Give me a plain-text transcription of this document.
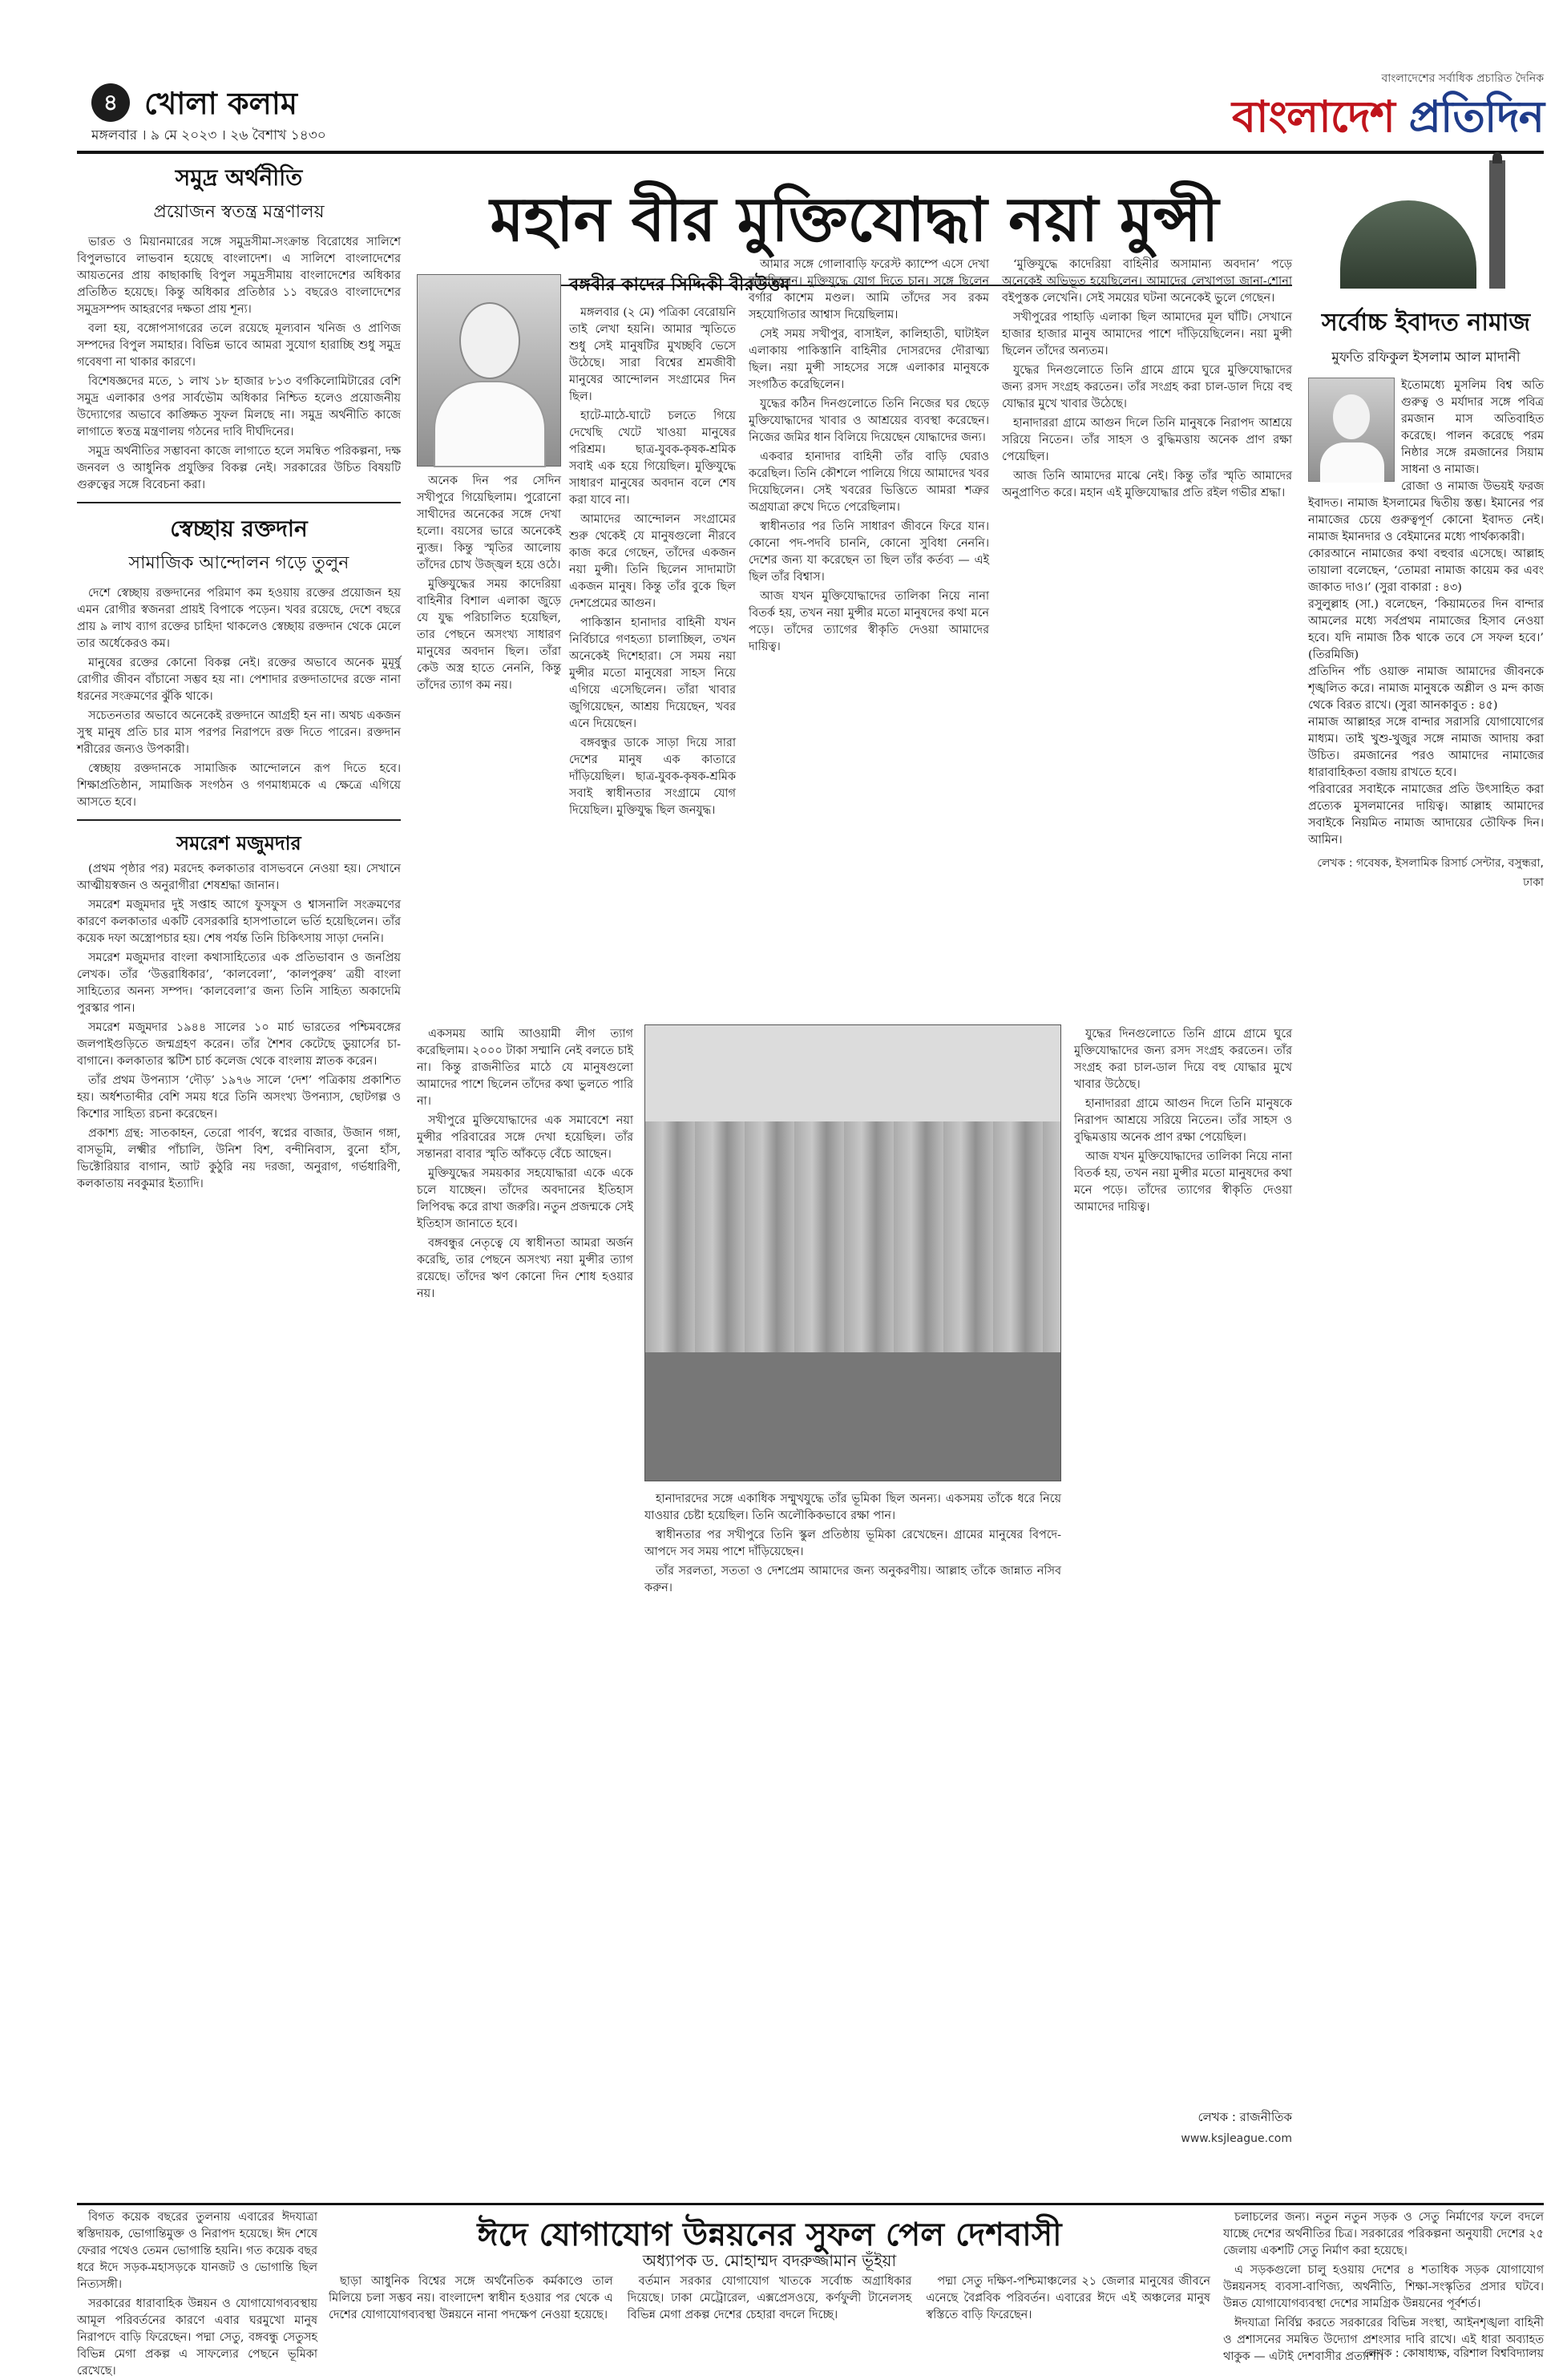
৪ খোলা কলাম
মঙ্গলবার । ৯ মে ২০২৩ । ২৬ বৈশাখ ১৪৩০
বাংলাদেশের সর্বাধিক প্রচারিত দৈনিক
বাংলাদেশ প্রতিদিন
সমুদ্র অর্থনীতি
প্রয়োজন স্বতন্ত্র মন্ত্রণালয়

ভারত ও মিয়ানমারের সঙ্গে সমুদ্রসীমা-সংক্রান্ত বিরোধের সালিশে বিপুলভাবে লাভবান হয়েছে বাংলাদেশ। এ সালিশে বাংলাদেশের আয়তনের প্রায় কাছাকাছি বিপুল সমুদ্রসীমায় বাংলাদেশের অধিকার প্রতিষ্ঠিত হয়েছে। কিন্তু অধিকার প্রতিষ্ঠার ১১ বছরেও বাংলাদেশের সমুদ্রসম্পদ আহরণের দক্ষতা প্রায় শূন্য।

বলা হয়, বঙ্গোপসাগরের তলে রয়েছে মূল্যবান খনিজ ও প্রাণিজ সম্পদের বিপুল সমাহার। বিভিন্ন ভাবে আমরা সুযোগ হারাচ্ছি শুধু সমুদ্র গবেষণা না থাকার কারণে।

বিশেষজ্ঞদের মতে, ১ লাখ ১৮ হাজার ৮১৩ বর্গকিলোমিটারের বেশি সমুদ্র এলাকার ওপর সার্বভৌম অধিকার নিশ্চিত হলেও প্রয়োজনীয় উদ্যোগের অভাবে কাঙ্ক্ষিত সুফল মিলছে না। সমুদ্র অর্থনীতি কাজে লাগাতে স্বতন্ত্র মন্ত্রণালয় গঠনের দাবি দীর্ঘদিনের।

সমুদ্র অর্থনীতির সম্ভাবনা কাজে লাগাতে হলে সমন্বিত পরিকল্পনা, দক্ষ জনবল ও আধুনিক প্রযুক্তির বিকল্প নেই। সরকারের উচিত বিষয়টি গুরুত্বের সঙ্গে বিবেচনা করা।

স্বেচ্ছায় রক্তদান
সামাজিক আন্দোলন গড়ে তুলুন

দেশে স্বেচ্ছায় রক্তদানের পরিমাণ কম হওয়ায় রক্তের প্রয়োজন হয় এমন রোগীর স্বজনরা প্রায়ই বিপাকে পড়েন। খবর রয়েছে, দেশে বছরে প্রায় ৯ লাখ ব্যাগ রক্তের চাহিদা থাকলেও স্বেচ্ছায় রক্তদান থেকে মেলে তার অর্ধেকেরও কম।

মানুষের রক্তের কোনো বিকল্প নেই। রক্তের অভাবে অনেক মুমূর্ষু রোগীর জীবন বাঁচানো সম্ভব হয় না। পেশাদার রক্তদাতাদের রক্তে নানা ধরনের সংক্রমণের ঝুঁকি থাকে।

সচেতনতার অভাবে অনেকেই রক্তদানে আগ্রহী হন না। অথচ একজন সুস্থ মানুষ প্রতি চার মাস পরপর নিরাপদে রক্ত দিতে পারেন। রক্তদান শরীরের জন্যও উপকারী।

স্বেচ্ছায় রক্তদানকে সামাজিক আন্দোলনে রূপ দিতে হবে। শিক্ষাপ্রতিষ্ঠান, সামাজিক সংগঠন ও গণমাধ্যমকে এ ক্ষেত্রে এগিয়ে আসতে হবে।

সমরেশ মজুমদার

(প্রথম পৃষ্ঠার পর) মরদেহ কলকাতার বাসভবনে নেওয়া হয়। সেখানে আত্মীয়স্বজন ও অনুরাগীরা শেষশ্রদ্ধা জানান।

সমরেশ মজুমদার দুই সপ্তাহ আগে ফুসফুস ও শ্বাসনালি সংক্রমণের কারণে কলকাতার একটি বেসরকারি হাসপাতালে ভর্তি হয়েছিলেন। তাঁর কয়েক দফা অস্ত্রোপচার হয়। শেষ পর্যন্ত তিনি চিকিৎসায় সাড়া দেননি।

সমরেশ মজুমদার বাংলা কথাসাহিত্যের এক প্রতিভাবান ও জনপ্রিয় লেখক। তাঁর ‘উত্তরাধিকার’, ‘কালবেলা’, ‘কালপুরুষ’ ত্রয়ী বাংলা সাহিত্যের অনন্য সম্পদ। ‘কালবেলা’র জন্য তিনি সাহিত্য অকাদেমি পুরস্কার পান।

সমরেশ মজুমদার ১৯৪৪ সালের ১০ মার্চ ভারতের পশ্চিমবঙ্গের জলপাইগুড়িতে জন্মগ্রহণ করেন। তাঁর শৈশব কেটেছে ডুয়ার্সের চা-বাগানে। কলকাতার স্কটিশ চার্চ কলেজ থেকে বাংলায় স্নাতক করেন।

তাঁর প্রথম উপন্যাস ‘দৌড়’ ১৯৭৬ সালে ‘দেশ’ পত্রিকায় প্রকাশিত হয়। অর্ধশতাব্দীর বেশি সময় ধরে তিনি অসংখ্য উপন্যাস, ছোটগল্প ও কিশোর সাহিত্য রচনা করেছেন।

প্রকাশ্য গ্রন্থ: সাতকাহন, তেরো পার্বণ, স্বপ্নের বাজার, উজান গঙ্গা, বাসভূমি, লক্ষ্মীর পাঁচালি, উনিশ বিশ, বন্দীনিবাস, বুনো হাঁস, ভিক্টোরিয়ার বাগান, আট কুঠুরি নয় দরজা, অনুরাগ, গর্ভধারিণী, কলকাতায় নবকুমার ইত্যাদি।

মহান বীর মুক্তিযোদ্ধা নয়া মুন্সী
বঙ্গবীর কাদের সিদ্দিকী বীরউত্তম

মঙ্গলবার (২ মে) পত্রিকা বেরোয়নি তাই লেখা হয়নি। আমার স্মৃতিতে শুধু সেই মানুষটির মুখচ্ছবি ভেসে উঠেছে। সারা বিশ্বের শ্রমজীবী মানুষের আন্দোলন সংগ্রামের দিন ছিল।

হাটে-মাঠে-ঘাটে চলতে গিয়ে দেখেছি খেটে খাওয়া মানুষের পরিশ্রম। ছাত্র-যুবক-কৃষক-শ্রমিক সবাই এক হয়ে গিয়েছিল। মুক্তিযুদ্ধে সাধারণ মানুষের অবদান বলে শেষ করা যাবে না।

আমাদের আন্দোলন সংগ্রামের শুরু থেকেই যে মানুষগুলো নীরবে কাজ করে গেছেন, তাঁদের একজন নয়া মুন্সী। তিনি ছিলেন সাদামাটা একজন মানুষ। কিন্তু তাঁর বুকে ছিল দেশপ্রেমের আগুন।

পাকিস্তান হানাদার বাহিনী যখন নির্বিচারে গণহত্যা চালাচ্ছিল, তখন অনেকেই দিশেহারা। সে সময় নয়া মুন্সীর মতো মানুষেরা সাহস নিয়ে এগিয়ে এসেছিলেন। তাঁরা খাবার জুগিয়েছেন, আশ্রয় দিয়েছেন, খবর এনে দিয়েছেন।

বঙ্গবন্ধুর ডাকে সাড়া দিয়ে সারা দেশের মানুষ এক কাতারে দাঁড়িয়েছিল। ছাত্র-যুবক-কৃষক-শ্রমিক সবাই স্বাধীনতার সংগ্রামে যোগ দিয়েছিল। মুক্তিযুদ্ধ ছিল জনযুদ্ধ।

অনেক দিন পর সেদিন সখীপুরে গিয়েছিলাম। পুরোনো সাথীদের অনেকের সঙ্গে দেখা হলো। বয়সের ভারে অনেকেই ন্যুব্জ। কিন্তু স্মৃতির আলোয় তাঁদের চোখ উজ্জ্বল হয়ে ওঠে।

মুক্তিযুদ্ধের সময় কাদেরিয়া বাহিনীর বিশাল এলাকা জুড়ে যে যুদ্ধ পরিচালিত হয়েছিল, তার পেছনে অসংখ্য সাধারণ মানুষের অবদান ছিল। তাঁরা কেউ অস্ত্র হাতে নেননি, কিন্তু তাঁদের ত্যাগ কম নয়।

আমার সঙ্গে গোলাবাড়ি ফরেস্ট ক্যাম্পে এসে দেখা করেছিলেন। মুক্তিযুদ্ধে যোগ দিতে চান। সঙ্গে ছিলেন বর্গার কাশেম মণ্ডল। আমি তাঁদের সব রকম সহযোগিতার আশ্বাস দিয়েছিলাম।

সেই সময় সখীপুর, বাসাইল, কালিহাতী, ঘাটাইল এলাকায় পাকিস্তানি বাহিনীর দোসরদের দৌরাত্ম্য ছিল। নয়া মুন্সী সাহসের সঙ্গে এলাকার মানুষকে সংগঠিত করেছিলেন।

যুদ্ধের কঠিন দিনগুলোতে তিনি নিজের ঘর ছেড়ে মুক্তিযোদ্ধাদের খাবার ও আশ্রয়ের ব্যবস্থা করেছেন। নিজের জমির ধান বিলিয়ে দিয়েছেন যোদ্ধাদের জন্য।

একবার হানাদার বাহিনী তাঁর বাড়ি ঘেরাও করেছিল। তিনি কৌশলে পালিয়ে গিয়ে আমাদের খবর দিয়েছিলেন। সেই খবরের ভিত্তিতে আমরা শত্রুর অগ্রযাত্রা রুখে দিতে পেরেছিলাম।

স্বাধীনতার পর তিনি সাধারণ জীবনে ফিরে যান। কোনো পদ-পদবি চাননি, কোনো সুবিধা নেননি। দেশের জন্য যা করেছেন তা ছিল তাঁর কর্তব্য — এই ছিল তাঁর বিশ্বাস।

আজ যখন মুক্তিযোদ্ধাদের তালিকা নিয়ে নানা বিতর্ক হয়, তখন নয়া মুন্সীর মতো মানুষদের কথা মনে পড়ে। তাঁদের ত্যাগের স্বীকৃতি দেওয়া আমাদের দায়িত্ব।

‘মুক্তিযুদ্ধে কাদেরিয়া বাহিনীর অসামান্য অবদান’ পড়ে অনেকেই অভিভূত হয়েছিলেন। আমাদের লেখাপড়া জানা-শোনা বইপুস্তক লেখেনি। সেই সময়ের ঘটনা অনেকেই ভুলে গেছেন।

সখীপুরের পাহাড়ি এলাকা ছিল আমাদের মূল ঘাঁটি। সেখানে হাজার হাজার মানুষ আমাদের পাশে দাঁড়িয়েছিলেন। নয়া মুন্সী ছিলেন তাঁদের অন্যতম।

যুদ্ধের দিনগুলোতে তিনি গ্রামে গ্রামে ঘুরে মুক্তিযোদ্ধাদের জন্য রসদ সংগ্রহ করতেন। তাঁর সংগ্রহ করা চাল-ডাল দিয়ে বহু যোদ্ধার মুখে খাবার উঠেছে।

হানাদাররা গ্রামে আগুন দিলে তিনি মানুষকে নিরাপদ আশ্রয়ে সরিয়ে নিতেন। তাঁর সাহস ও বুদ্ধিমত্তায় অনেক প্রাণ রক্ষা পেয়েছিল।

আজ তিনি আমাদের মাঝে নেই। কিন্তু তাঁর স্মৃতি আমাদের অনুপ্রাণিত করে। মহান এই মুক্তিযোদ্ধার প্রতি রইল গভীর শ্রদ্ধা।

একসময় আমি আওয়ামী লীগ ত্যাগ করেছিলাম। ২০০০ টাকা সম্মানি নেই বলতে চাই না। কিন্তু রাজনীতির মাঠে যে মানুষগুলো আমাদের পাশে ছিলেন তাঁদের কথা ভুলতে পারি না।

সখীপুরে মুক্তিযোদ্ধাদের এক সমাবেশে নয়া মুন্সীর পরিবারের সঙ্গে দেখা হয়েছিল। তাঁর সন্তানরা বাবার স্মৃতি আঁকড়ে বেঁচে আছেন।

মুক্তিযুদ্ধের সময়কার সহযোদ্ধারা একে একে চলে যাচ্ছেন। তাঁদের অবদানের ইতিহাস লিপিবদ্ধ করে রাখা জরুরি। নতুন প্রজন্মকে সেই ইতিহাস জানাতে হবে।

বঙ্গবন্ধুর নেতৃত্বে যে স্বাধীনতা আমরা অর্জন করেছি, তার পেছনে অসংখ্য নয়া মুন্সীর ত্যাগ রয়েছে। তাঁদের ঋণ কোনো দিন শোধ হওয়ার নয়।

হানাদারদের সঙ্গে একাধিক সম্মুখযুদ্ধে তাঁর ভূমিকা ছিল অনন্য। একসময় তাঁকে ধরে নিয়ে যাওয়ার চেষ্টা হয়েছিল। তিনি অলৌকিকভাবে রক্ষা পান।

স্বাধীনতার পর সখীপুরে তিনি স্কুল প্রতিষ্ঠায় ভূমিকা রেখেছেন। গ্রামের মানুষের বিপদে-আপদে সব সময় পাশে দাঁড়িয়েছেন।

তাঁর সরলতা, সততা ও দেশপ্রেম আমাদের জন্য অনুকরণীয়। আল্লাহ তাঁকে জান্নাত নসিব করুন।

যুদ্ধের দিনগুলোতে তিনি গ্রামে গ্রামে ঘুরে মুক্তিযোদ্ধাদের জন্য রসদ সংগ্রহ করতেন। তাঁর সংগ্রহ করা চাল-ডাল দিয়ে বহু যোদ্ধার মুখে খাবার উঠেছে।

হানাদাররা গ্রামে আগুন দিলে তিনি মানুষকে নিরাপদ আশ্রয়ে সরিয়ে নিতেন। তাঁর সাহস ও বুদ্ধিমত্তায় অনেক প্রাণ রক্ষা পেয়েছিল।

আজ যখন মুক্তিযোদ্ধাদের তালিকা নিয়ে নানা বিতর্ক হয়, তখন নয়া মুন্সীর মতো মানুষদের কথা মনে পড়ে। তাঁদের ত্যাগের স্বীকৃতি দেওয়া আমাদের দায়িত্ব।

লেখক : রাজনীতিক
www.ksjleague.com
সর্বোচ্চ ইবাদত নামাজ
মুফতি রফিকুল ইসলাম আল মাদানী

ইতোমধ্যে মুসলিম বিশ্ব অতি গুরুত্ব ও মর্যাদার সঙ্গে পবিত্র রমজান মাস অতিবাহিত করেছে। পালন করেছে পরম নিষ্ঠার সঙ্গে রমজানের সিয়াম সাধনা ও নামাজ।

রোজা ও নামাজ উভয়ই ফরজ ইবাদত। নামাজ ইসলামের দ্বিতীয় স্তম্ভ। ইমানের পর নামাজের চেয়ে গুরুত্বপূর্ণ কোনো ইবাদত নেই। নামাজ ইমানদার ও বেইমানের মধ্যে পার্থক্যকারী।

কোরআনে নামাজের কথা বহুবার এসেছে। আল্লাহ তায়ালা বলেছেন, ‘তোমরা নামাজ কায়েম কর এবং জাকাত দাও।’ (সুরা বাকারা : ৪৩)

রসুলুল্লাহ (সা.) বলেছেন, ‘কিয়ামতের দিন বান্দার আমলের মধ্যে সর্বপ্রথম নামাজের হিসাব নেওয়া হবে। যদি নামাজ ঠিক থাকে তবে সে সফল হবে।’ (তিরমিজি)

প্রতিদিন পাঁচ ওয়াক্ত নামাজ আমাদের জীবনকে শৃঙ্খলিত করে। নামাজ মানুষকে অশ্লীল ও মন্দ কাজ থেকে বিরত রাখে। (সুরা আনকাবুত : ৪৫)

নামাজ আল্লাহর সঙ্গে বান্দার সরাসরি যোগাযোগের মাধ্যম। তাই খুশু-খুজুর সঙ্গে নামাজ আদায় করা উচিত। রমজানের পরও আমাদের নামাজের ধারাবাহিকতা বজায় রাখতে হবে।

পরিবারের সবাইকে নামাজের প্রতি উৎসাহিত করা প্রত্যেক মুসলমানের দায়িত্ব। আল্লাহ আমাদের সবাইকে নিয়মিত নামাজ আদায়ের তৌফিক দিন। আমিন।

লেখক : গবেষক, ইসলামিক রিসার্চ সেন্টার, বসুন্ধরা, ঢাকা
ঈদে যোগাযোগ উন্নয়নের সুফল পেল দেশবাসী
অধ্যাপক ড. মোহাম্মদ বদরুজ্জামান ভূঁইয়া

বিগত কয়েক বছরের তুলনায় এবারের ঈদযাত্রা স্বস্তিদায়ক, ভোগান্তিমুক্ত ও নিরাপদ হয়েছে। ঈদ শেষে ফেরার পথেও তেমন ভোগান্তি হয়নি। গত কয়েক বছর ধরে ঈদে সড়ক-মহাসড়কে যানজট ও ভোগান্তি ছিল নিত্যসঙ্গী।

সরকারের ধারাবাহিক উন্নয়ন ও যোগাযোগব্যবস্থায় আমূল পরিবর্তনের কারণে এবার ঘরমুখো মানুষ নিরাপদে বাড়ি ফিরেছেন। পদ্মা সেতু, বঙ্গবন্ধু সেতুসহ বিভিন্ন মেগা প্রকল্প এ সাফল্যের পেছনে ভূমিকা রেখেছে।

ছাড়া আধুনিক বিশ্বের সঙ্গে অর্থনৈতিক কর্মকাণ্ডে তাল মিলিয়ে চলা সম্ভব নয়। বাংলাদেশ স্বাধীন হওয়ার পর থেকে এ দেশের যোগাযোগব্যবস্থা উন্নয়নে নানা পদক্ষেপ নেওয়া হয়েছে।

বর্তমান সরকার যোগাযোগ খাতকে সর্বোচ্চ অগ্রাধিকার দিয়েছে। ঢাকা মেট্রোরেল, এক্সপ্রেসওয়ে, কর্ণফুলী টানেলসহ বিভিন্ন মেগা প্রকল্প দেশের চেহারা বদলে দিচ্ছে।

পদ্মা সেতু দক্ষিণ-পশ্চিমাঞ্চলের ২১ জেলার মানুষের জীবনে এনেছে বৈপ্লবিক পরিবর্তন। এবারের ঈদে এই অঞ্চলের মানুষ স্বস্তিতে বাড়ি ফিরেছেন।

চলাচলের জন্য। নতুন নতুন সড়ক ও সেতু নির্মাণের ফলে বদলে যাচ্ছে দেশের অর্থনীতির চিত্র। সরকারের পরিকল্পনা অনুযায়ী দেশের ২৫ জেলায় একশটি সেতু নির্মাণ করা হয়েছে।

এ সড়কগুলো চালু হওয়ায় দেশের ৪ শতাধিক সড়ক যোগাযোগ উন্নয়নসহ ব্যবসা-বাণিজ্য, অর্থনীতি, শিক্ষা-সংস্কৃতির প্রসার ঘটবে। উন্নত যোগাযোগব্যবস্থা দেশের সামগ্রিক উন্নয়নের পূর্বশর্ত।

ঈদযাত্রা নির্বিঘ্ন করতে সরকারের বিভিন্ন সংস্থা, আইনশৃঙ্খলা বাহিনী ও প্রশাসনের সমন্বিত উদ্যোগ প্রশংসার দাবি রাখে। এই ধারা অব্যাহত থাকুক — এটাই দেশবাসীর প্রত্যাশা।

লেখক : কোষাধ্যক্ষ, বরিশাল বিশ্ববিদ্যালয়
